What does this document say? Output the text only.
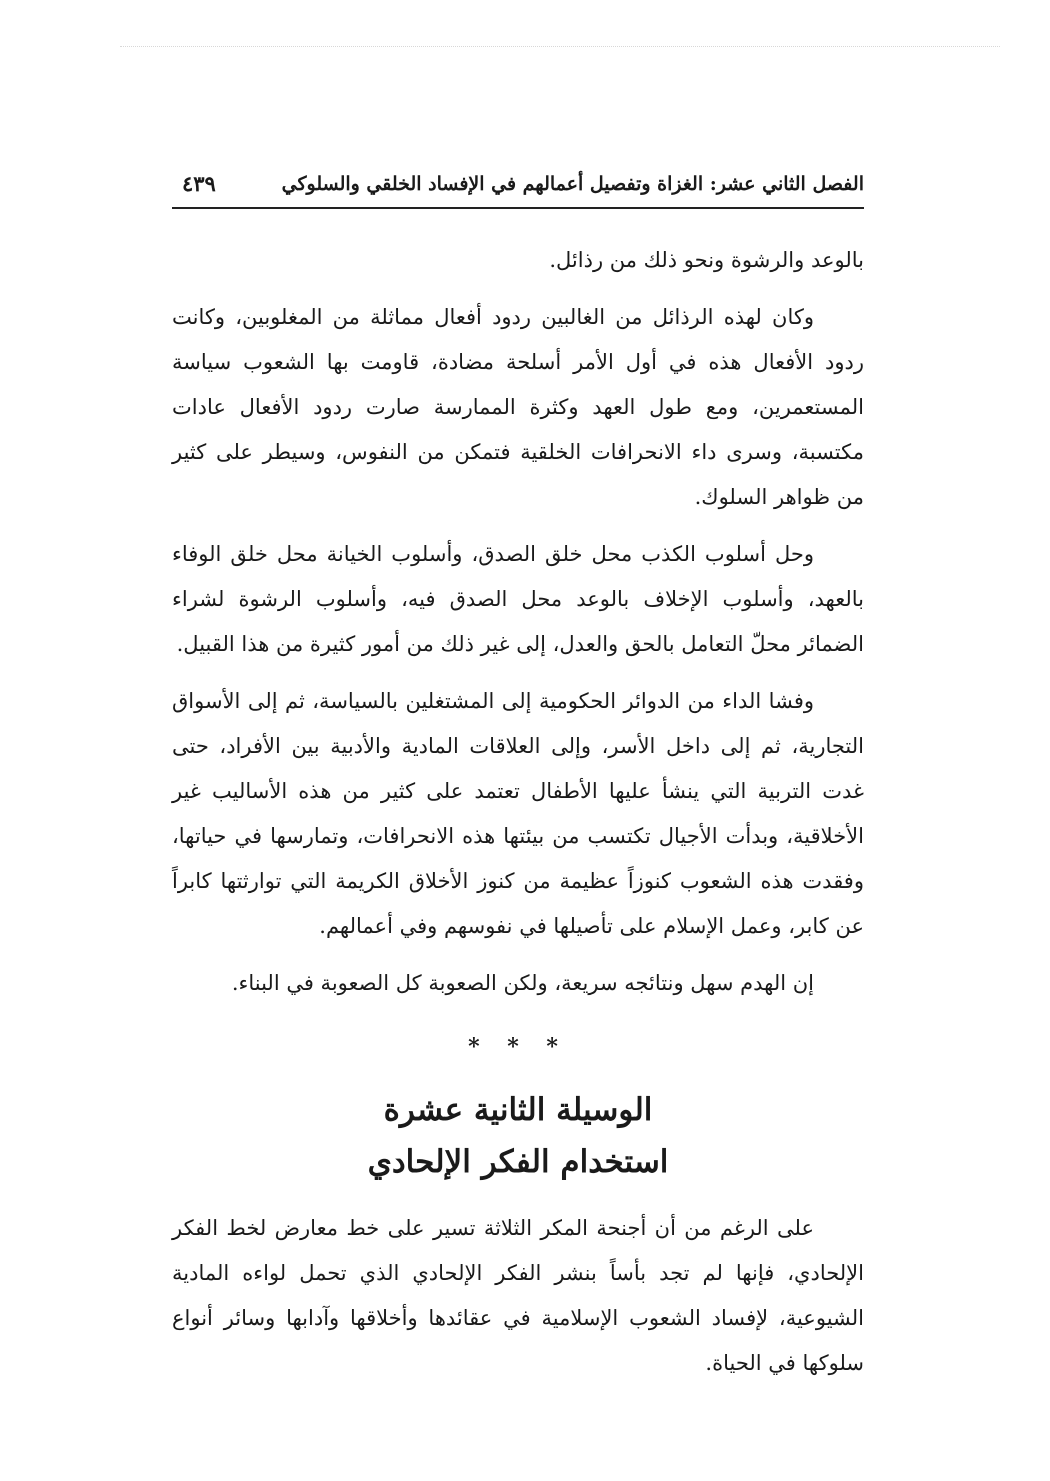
الفصل الثاني عشر: الغزاة وتفصيل أعمالهم في الإفساد الخلقي والسلوكي
٤٣٩

بالوعد والرشوة ونحو ذلك من رذائل.

وكان لهذه الرذائل من الغالبين ردود أفعال مماثلة من المغلوبين، وكانت ردود الأفعال هذه في أول الأمر أسلحة مضادة، قاومت بها الشعوب سياسة المستعمرين، ومع طول العهد وكثرة الممارسة صارت ردود الأفعال عادات مكتسبة، وسرى داء الانحرافات الخلقية فتمكن من النفوس، وسيطر على كثير من ظواهر السلوك.

وحل أسلوب الكذب محل خلق الصدق، وأسلوب الخيانة محل خلق الوفاء بالعهد، وأسلوب الإخلاف بالوعد محل الصدق فيه، وأسلوب الرشوة لشراء الضمائر محلّ التعامل بالحق والعدل، إلى غير ذلك من أمور كثيرة من هذا القبيل.

وفشا الداء من الدوائر الحكومية إلى المشتغلين بالسياسة، ثم إلى الأسواق التجارية، ثم إلى داخل الأسر، وإلى العلاقات المادية والأدبية بين الأفراد، حتى غدت التربية التي ينشأ عليها الأطفال تعتمد على كثير من هذه الأساليب غير الأخلاقية، وبدأت الأجيال تكتسب من بيئتها هذه الانحرافات، وتمارسها في حياتها، وفقدت هذه الشعوب كنوزاً عظيمة من كنوز الأخلاق الكريمة التي توارثتها كابراً عن كابر، وعمل الإسلام على تأصيلها في نفوسهم وفي أعمالهم.

إن الهدم سهل ونتائجه سريعة، ولكن الصعوبة كل الصعوبة في البناء.

* * *
الوسيلة الثانية عشرة
استخدام الفكر الإلحادي

على الرغم من أن أجنحة المكر الثلاثة تسير على خط معارض لخط الفكر الإلحادي، فإنها لم تجد بأساً بنشر الفكر الإلحادي الذي تحمل لواءه المادية الشيوعية، لإفساد الشعوب الإسلامية في عقائدها وأخلاقها وآدابها وسائر أنواع سلوكها في الحياة.
